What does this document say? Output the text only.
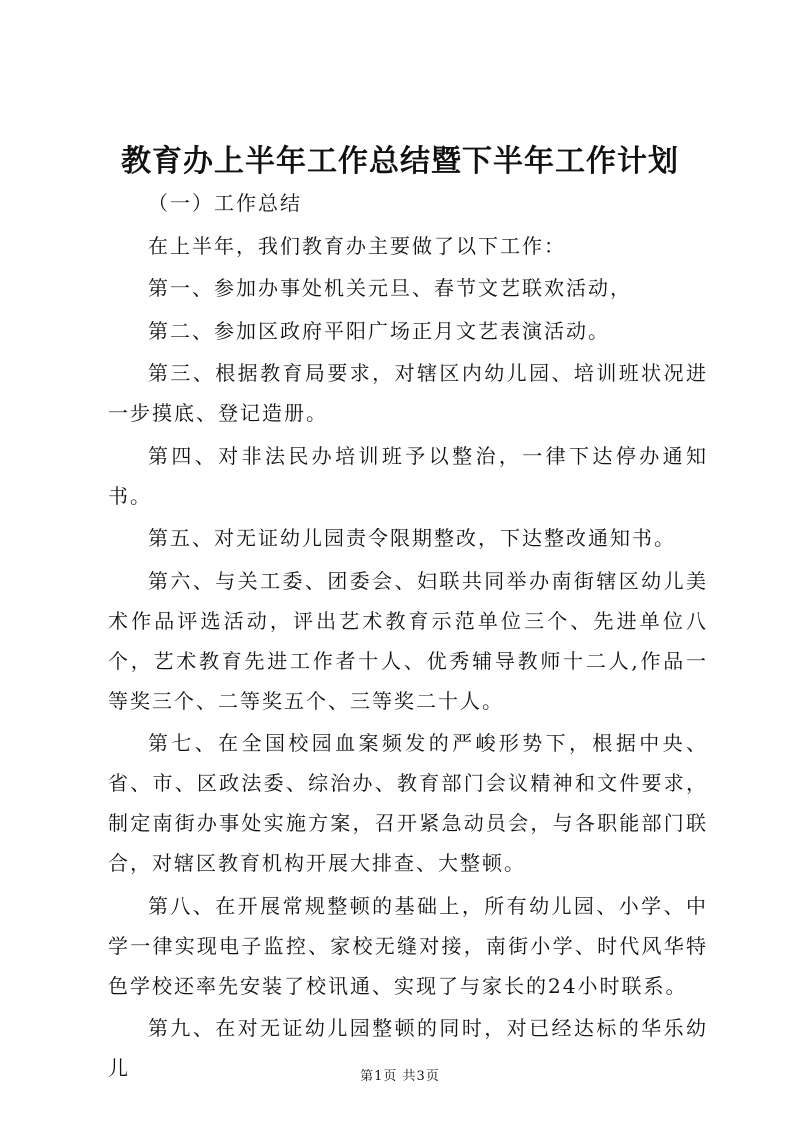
教育办上半年工作总结暨下半年工作计划

（一）工作总结

在上半年，我们教育办主要做了以下工作：

第一、参加办事处机关元旦、春节文艺联欢活动，

第二、参加区政府平阳广场正月文艺表演活动。

第三、根据教育局要求，对辖区内幼儿园、培训班状况进一步摸底、登记造册。

第四、对非法民办培训班予以整治，一律下达停办通知书。

第五、对无证幼儿园责令限期整改，下达整改通知书。

第六、与关工委、团委会、妇联共同举办南街辖区幼儿美术作品评选活动，评出艺术教育示范单位三个、先进单位八个，艺术教育先进工作者十人、优秀辅导教师十二人,作品一等奖三个、二等奖五个、三等奖二十人。

第七、在全国校园血案频发的严峻形势下，根据中央、省、市、区政法委、综治办、教育部门会议精神和文件要求，制定南街办事处实施方案，召开紧急动员会，与各职能部门联合，对辖区教育机构开展大排查、大整顿。

第八、在开展常规整顿的基础上，所有幼儿园、小学、中学一律实现电子监控、家校无缝对接，南街小学、时代风华特色学校还率先安装了校讯通、实现了与家长的24小时联系。

第九、在对无证幼儿园整顿的同时，对已经达标的华乐幼儿	第1页 共3页
